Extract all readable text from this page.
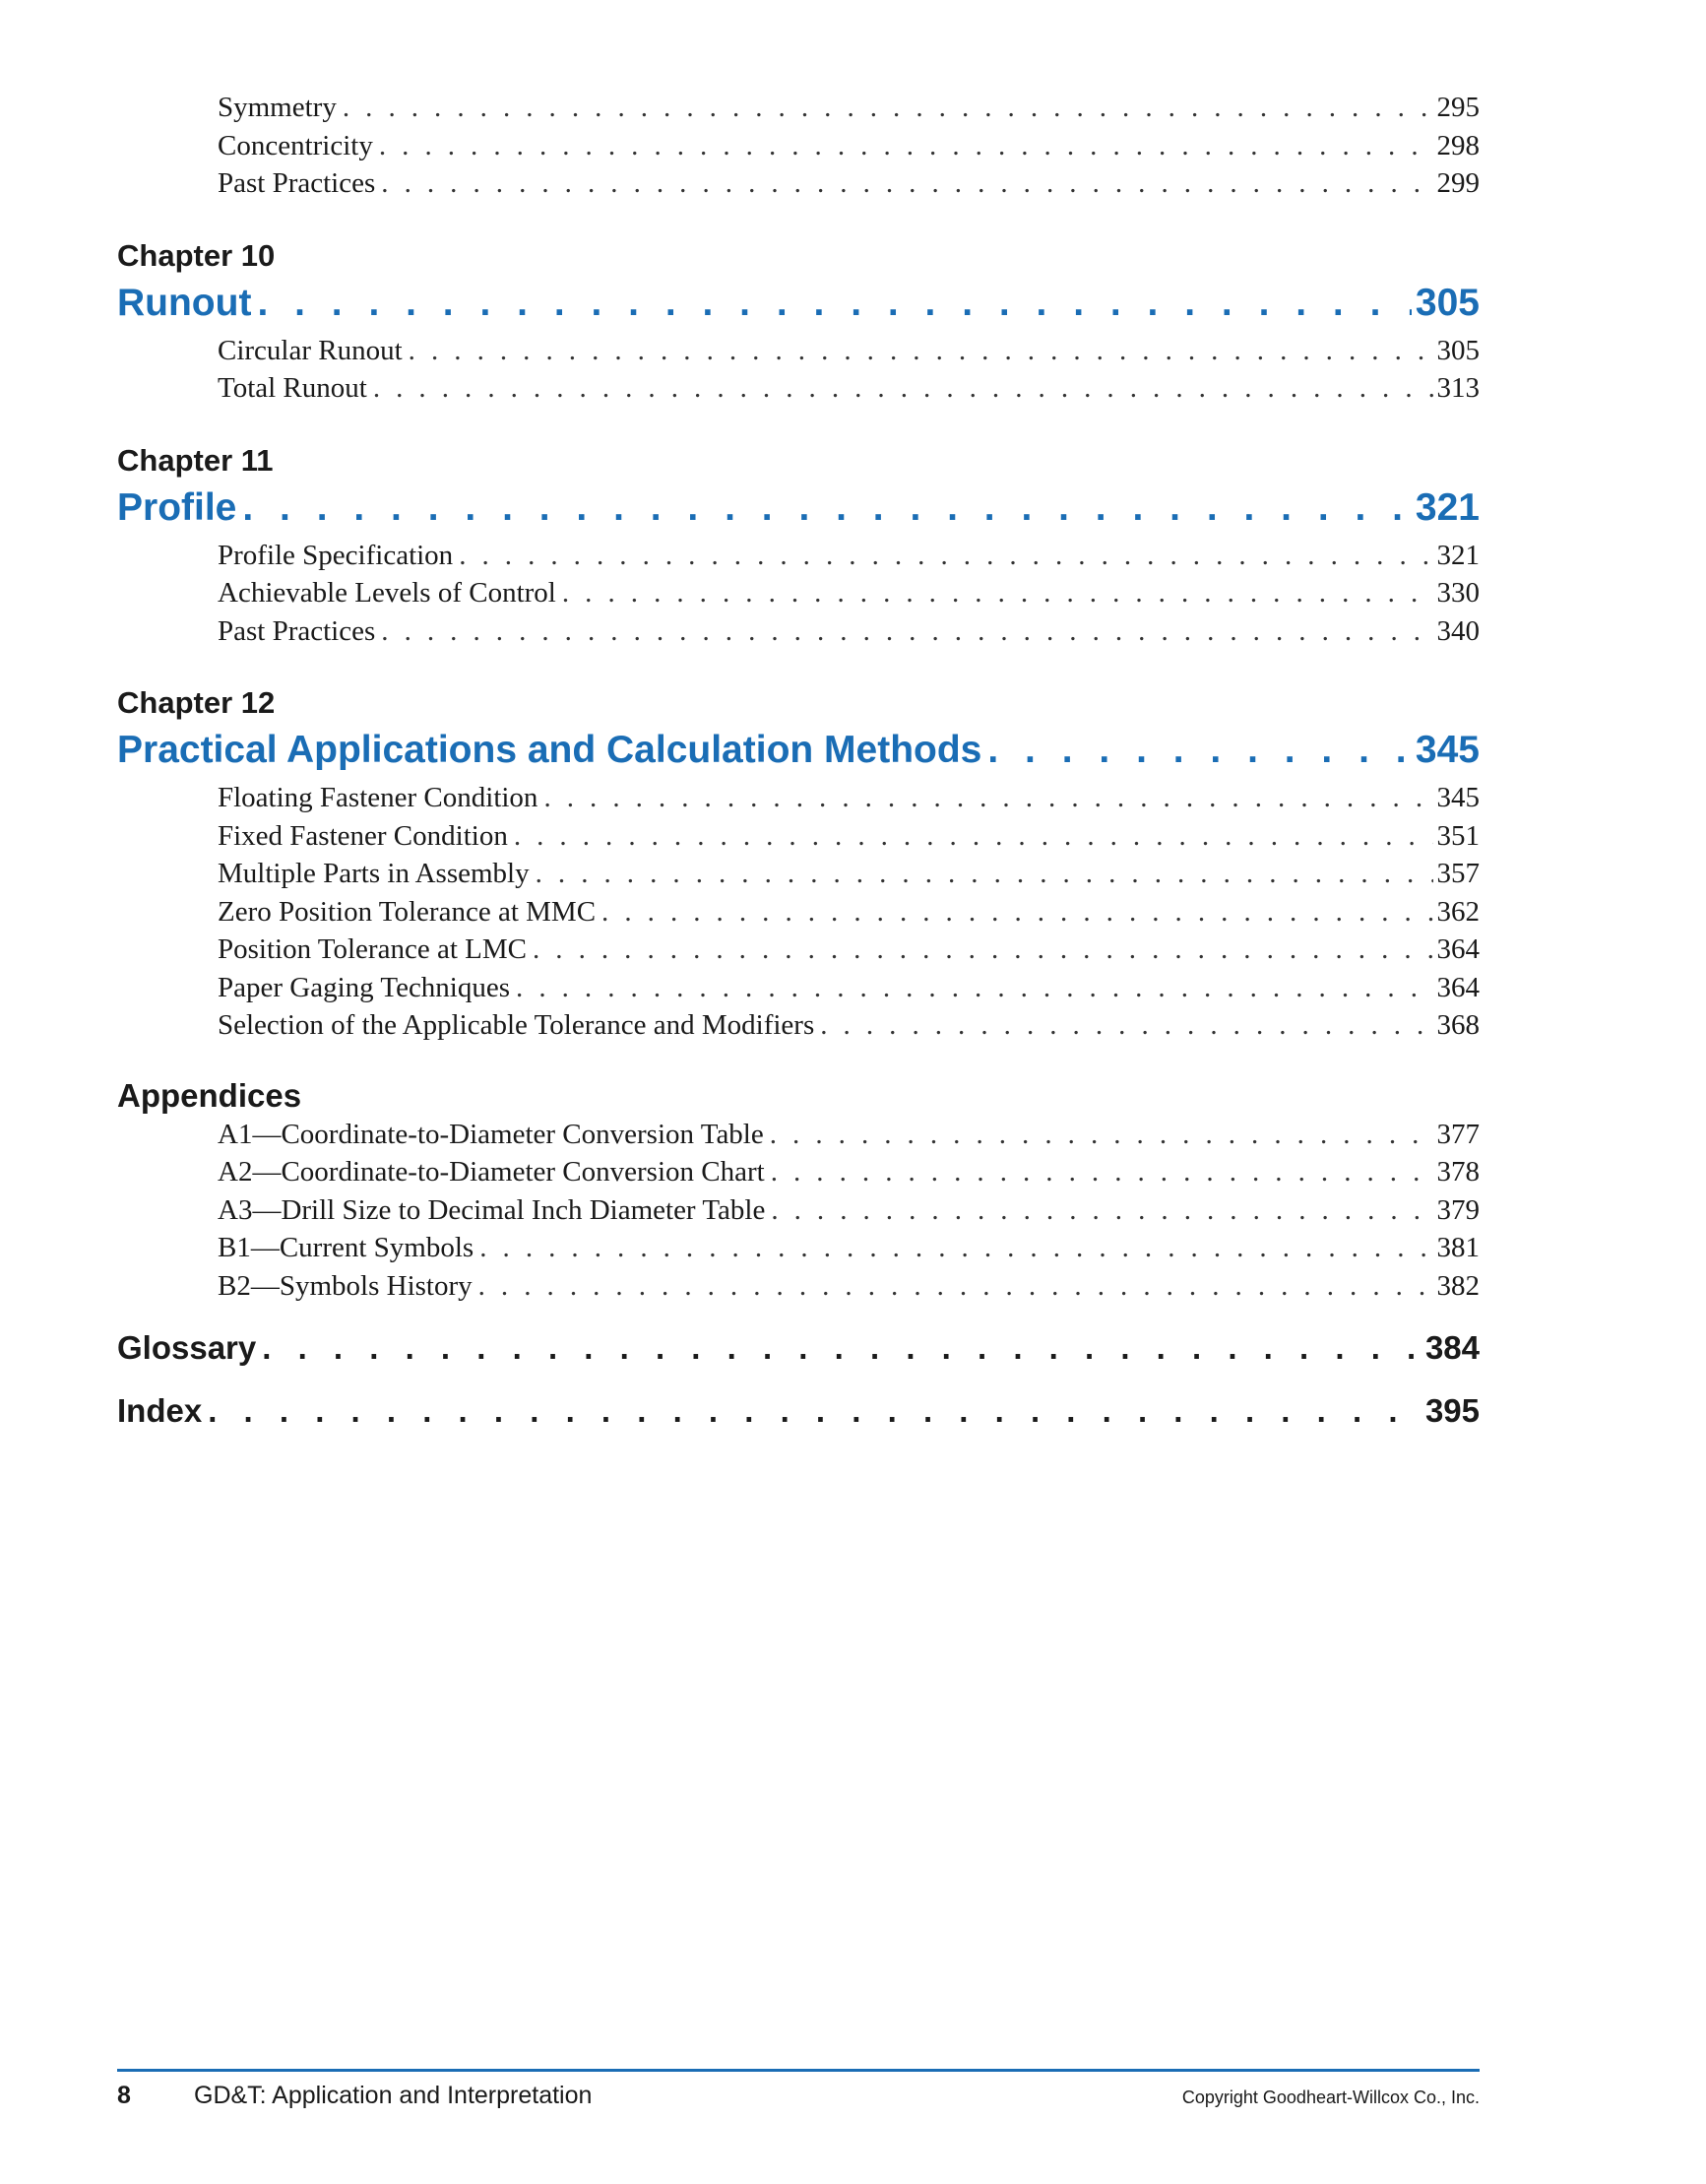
Symmetry . . .	295
Concentricity . . .	298
Past Practices . . .	299
Chapter 10
Runout . . .	305
Circular Runout . . .	305
Total Runout . . .	313
Chapter 11
Profile . . .	321
Profile Specification . . .	321
Achievable Levels of Control . . .	330
Past Practices . . .	340
Chapter 12
Practical Applications and Calculation Methods . . .	345
Floating Fastener Condition . . .	345
Fixed Fastener Condition . . .	351
Multiple Parts in Assembly . . .	357
Zero Position Tolerance at MMC . . .	362
Position Tolerance at LMC . . .	364
Paper Gaging Techniques . . .	364
Selection of the Applicable Tolerance and Modifiers . . .	368
Appendices
A1—Coordinate-to-Diameter Conversion Table . . .	377
A2—Coordinate-to-Diameter Conversion Chart . . .	378
A3—Drill Size to Decimal Inch Diameter Table . . .	379
B1—Current Symbols . . .	381
B2—Symbols History . . .	382
Glossary . . .	384
Index . . .	395
8	GD&T: Application and Interpretation	Copyright Goodheart-Willcox Co., Inc.
